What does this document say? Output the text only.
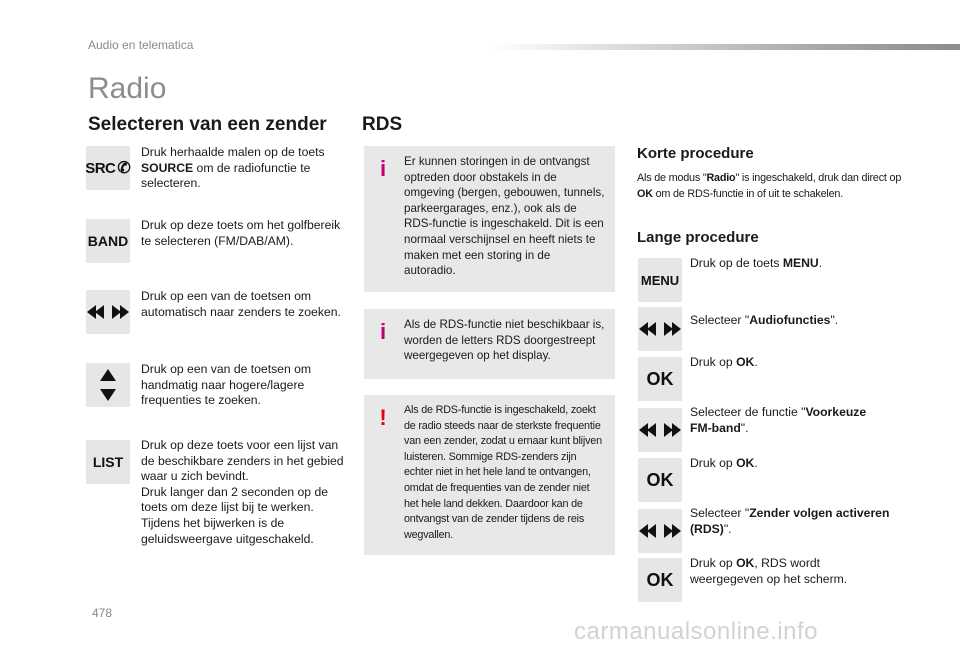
Audio en telematica
Radio
Selecteren van een zender
SRC ✆
Druk herhaalde malen op de toets SOURCE om de radiofunctie te selecteren.
BAND
Druk op deze toets om het golfbereik te selecteren (FM/DAB/AM).
Druk op een van de toetsen om automatisch naar zenders te zoeken.
Druk op een van de toetsen om handmatig naar hogere/lagere frequenties te zoeken.
LIST
Druk op deze toets voor een lijst van de beschikbare zenders in het gebied waar u zich bevindt.
Druk langer dan 2 seconden op de toets om deze lijst bij te werken. Tijdens het bijwerken is de geluidsweergave uitgeschakeld.
RDS
i	Er kunnen storingen in de ontvangst optreden door obstakels in de omgeving (bergen, gebouwen, tunnels, parkeergarages, enz.), ook als de RDS-functie is ingeschakeld. Dit is een normaal verschijnsel en heeft niets te maken met een storing in de autoradio.
i	Als de RDS-functie niet beschikbaar is, worden de letters RDS doorgestreept weergegeven op het display.
!	Als de RDS-functie is ingeschakeld, zoekt de radio steeds naar de sterkste frequentie van een zender, zodat u ernaar kunt blijven luisteren. Sommige RDS-zenders zijn echter niet in het hele land te ontvangen, omdat de frequenties van de zender niet het hele land dekken. Daardoor kan de ontvangst van de zender tijdens de reis wegvallen.
Korte procedure
Als de modus "Radio" is ingeschakeld, druk dan direct op OK om de RDS-functie in of uit te schakelen.
Lange procedure
MENU
Druk op de toets MENU.
Selecteer "Audiofuncties".
OK
Druk op OK.
Selecteer de functie "Voorkeuze FM-band".
OK
Druk op OK.
Selecteer "Zender volgen activeren (RDS)".
OK
Druk op OK, RDS wordt weergegeven op het scherm.
478
carmanualsonline.info
